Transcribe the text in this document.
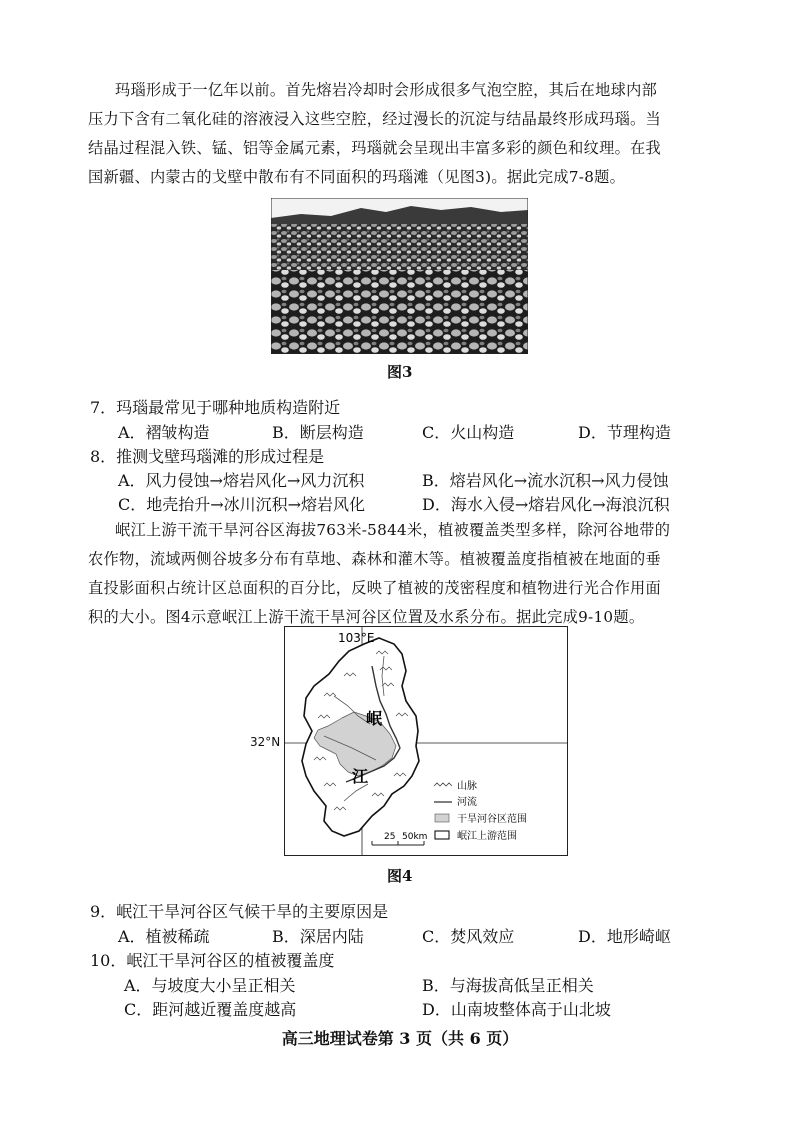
玛瑙形成于一亿年以前。首先熔岩冷却时会形成很多气泡空腔，其后在地球内部

压力下含有二氧化硅的溶液浸入这些空腔，经过漫长的沉淀与结晶最终形成玛瑙。当

结晶过程混入铁、锰、铝等金属元素，玛瑙就会呈现出丰富多彩的颜色和纹理。在我

国新疆、内蒙古的戈壁中散布有不同面积的玛瑙滩（见图3)。据此完成7-8题。

图3
7．玛瑙最常见于哪种地质构造附近
A．褶皱构造	B．断层构造	C．火山构造	D．节理构造
8．推测戈壁玛瑙滩的形成过程是
A．风力侵蚀→熔岩风化→风力沉积	B．熔岩风化→流水沉积→风力侵蚀
C．地壳抬升→冰川沉积→熔岩风化	D．海水入侵→熔岩风化→海浪沉积

岷江上游干流干旱河谷区海拔763米-5844米，植被覆盖类型多样，除河谷地带的

农作物，流域两侧谷坡多分布有草地、森林和灌木等。植被覆盖度指植被在地面的垂

直投影面积占统计区总面积的百分比，反映了植被的茂密程度和植物进行光合作用面

积的大小。图4示意岷江上游干流干旱河谷区位置及水系分布。据此完成9-10题。

103°E
岷
江
山脉
河流
干旱河谷区范围
岷江上游范围
25 50km
32°N
图4
9．岷江干旱河谷区气候干旱的主要原因是
A．植被稀疏	B．深居内陆	C．焚风效应	D．地形崎岖
10．岷江干旱河谷区的植被覆盖度
A．与坡度大小呈正相关	B．与海拔高低呈正相关
C．距河越近覆盖度越高	D．山南坡整体高于山北坡
高三地理试卷第 3 页（共 6 页）
